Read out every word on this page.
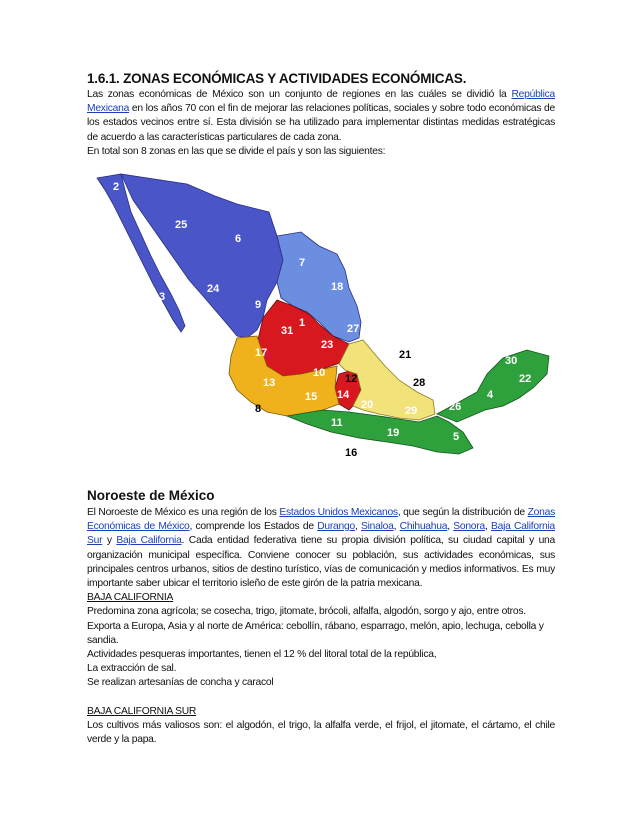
1.6.1. ZONAS ECONÓMICAS Y ACTIVIDADES ECONÓMICAS.

Las zonas económicas de México son un conjunto de regiones en las cuáles se dividió la República Mexicana en los años 70 con el fin de mejorar las relaciones políticas, sociales y sobre todo económicas de los estados vecinos entre sí. Esta división se ha utilizado para implementar distintas medidas estratégicas de acuerdo a las características particulares de cada zona.

En total son 8 zonas en las que se divide el país y son las siguientes:

2
25
6
3
24
9
7
18
31
1
23
27
17
10
21
12	28
13
15 14
20
30
22
8	29	26
4
11
19	5
16
Noroeste de México

El Noroeste de México es una región de los Estados Unidos Mexicanos, que según la distribución de Zonas Económicas de México, comprende los Estados de Durango, Sinaloa, Chihuahua, Sonora, Baja California Sur y Baja California. Cada entidad federativa tiene su propia división política, su ciudad capital y una organización municipal específica. Conviene conocer su población, sus actividades económicas, sus principales centros urbanos, sitios de destino turístico, vías de comunicación y medios informativos. Es muy importante saber ubicar el territorio isleño de este girón de la patria mexicana.

BAJA CALIFORNIA

Predomina zona agrícola; se cosecha, trigo, jitomate, brócoli, alfalfa, algodón, sorgo y ajo, entre otros.

Exporta a Europa, Asia y al norte de América: cebollín, rábano, esparrago, melón, apio, lechuga, cebolla y sandia.

Actividades pesqueras importantes, tienen el 12 % del litoral total de la república,

La extracción de sal.

Se realizan artesanías de concha y caracol

BAJA CALIFORNIA SUR

Los cultivos más valiosos son: el algodón, el trigo, la alfalfa verde, el frijol, el jitomate, el cártamo, el chile verde y la papa.
